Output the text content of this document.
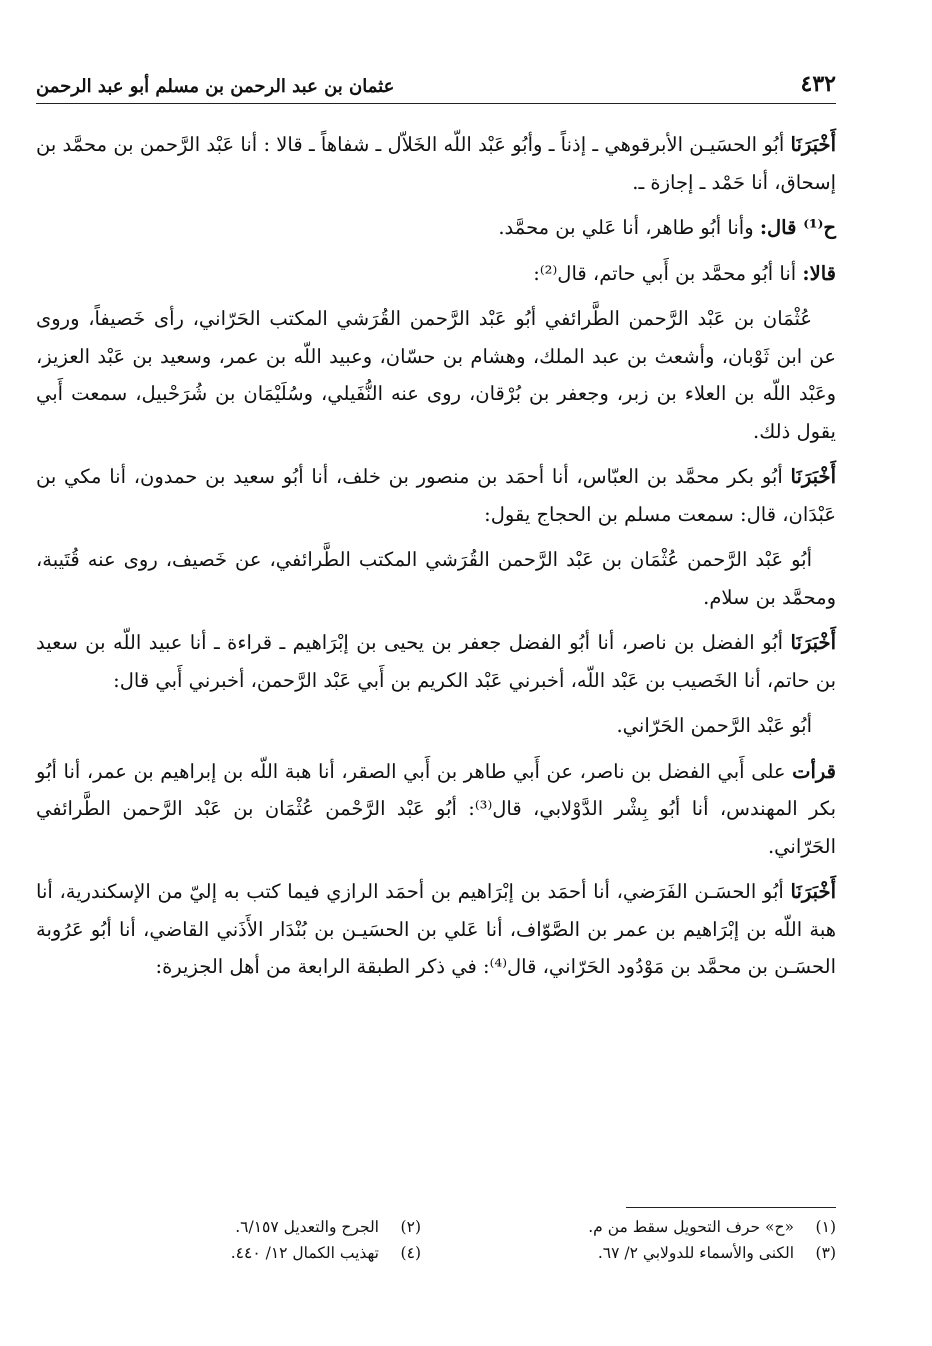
٤٣٢
عثمان بن عبد الرحمن بن مسلم أبو عبد الرحمن

أَخْبَرَنَا أبُو الحسَيـن الأبرقوهي ـ إذناً ـ وأبُو عَبْد اللّه الخَلاّل ـ شفاهاً ـ قالا : أنا عَبْد الرَّحمن بن محمَّد بن إسحاق، أنا حَمْد ـ إجازة ـ.

ح⁽¹⁾ قال: وأنا أبُو طاهر، أنا عَلي بن محمَّد.

قالا: أنا أبُو محمَّد بن أَبي حاتم، قال⁽²⁾:

عُثْمَان بن عَبْد الرَّحمن الطَّرائفي أبُو عَبْد الرَّحمن القُرَشي المكتب الحَرّاني، رأى خَصيفاً، وروى عن ابن ثَوْبان، وأشعث بن عبد الملك، وهشام بن حسّان، وعبيد اللّه بن عمر، وسعيد بن عَبْد العزيز، وعَبْد اللّه بن العلاء بن زبر، وجعفر بن بُرْقان، روى عنه النُّفَيلي، وسُلَيْمَان بن شُرَحْبيل، سمعت أَبي يقول ذلك.

أَخْبَرَنَا أبُو بكر محمَّد بن العبّاس، أنا أحمَد بن منصور بن خلف، أنا أبُو سعيد بن حمدون، أنا مكي بن عَبْدَان، قال: سمعت مسلم بن الحجاج يقول:

أبُو عَبْد الرَّحمن عُثْمَان بن عَبْد الرَّحمن القُرَشي المكتب الطَّرائفي، عن خَصيف، روى عنه قُتَيبة، ومحمَّد بن سلام.

أَخْبَرَنَا أبُو الفضل بن ناصر، أنا أبُو الفضل جعفر بن يحيى بن إبْرَاهيم ـ قراءة ـ أنا عبيد اللّه بن سعيد بن حاتم، أنا الخَصيب بن عَبْد اللّه، أخبرني عَبْد الكريم بن أَبي عَبْد الرَّحمن، أخبرني أَبي قال:

أبُو عَبْد الرَّحمن الحَرّاني.

قرأت على أَبي الفضل بن ناصر، عن أَبي طاهر بن أَبي الصقر، أنا هبة اللّه بن إبراهيم بن عمر، أنا أبُو بكر المهندس، أنا أبُو بِشْر الدَّوْلابي، قال⁽³⁾: أبُو عَبْد الرَّحْمن عُثْمَان بن عَبْد الرَّحمن الطَّرائفي الحَرّاني.

أَخْبَرَنَا أبُو الحسَـن الفَرَضي، أنا أحمَد بن إبْرَاهيم بن أحمَد الرازي فيما كتب به إليّ من الإسكندرية، أنا هبة اللّه بن إبْرَاهيم بن عمر بن الصَّوّاف، أنا عَلي بن الحسَيـن بن بُنْدَار الأَذَني القاضي، أنا أبُو عَرُوبة الحسَـن بن محمَّد بن مَوْدُود الحَرّاني، قال⁽⁴⁾: في ذكر الطبقة الرابعة من أهل الجزيرة:

(١)«ح» حرف التحويل سقط من م.
(٢)الجرح والتعديل ٦/١٥٧.
(٣)الكنى والأسماء للدولابي ٢/ ٦٧.
(٤)تهذيب الكمال ١٢/ ٤٤٠.
